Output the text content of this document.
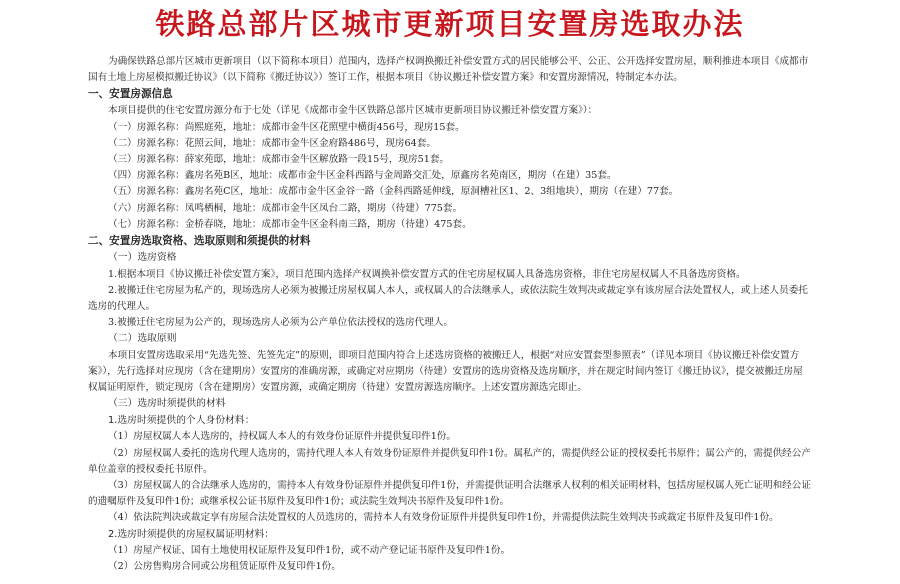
铁路总部片区城市更新项目安置房选取办法

为确保铁路总部片区城市更新项目（以下简称本项目）范围内，选择产权调换搬迁补偿安置方式的居民能够公平、公正、公开选择安置房屋，顺利推进本项目《成都市国有土地上房屋模拟搬迁协议》（以下简称《搬迁协议》）签订工作，根据本项目《协议搬迁补偿安置方案》和安置房源情况，特制定本办法。

一、安置房源信息

本项目提供的住宅安置房源分布于七处（详见《成都市金牛区铁路总部片区城市更新项目协议搬迁补偿安置方案》）：

（一）房源名称：尚熙庭苑，地址：成都市金牛区花照壁中横街456号，现房15套。

（二）房源名称：花照云间，地址：成都市金牛区金府路486号，现房64套。

（三）房源名称：薛家苑邸，地址：成都市金牛区解放路一段15号，现房51套。

（四）房源名称：鑫房名苑B区，地址：成都市金牛区金科西路与金周路交汇处，原鑫房名苑南区，期房（在建）35套。

（五）房源名称：鑫房名苑C区，地址：成都市金牛区金谷一路（金科西路延伸线，原洞槽社区1、2、3组地块），期房（在建）77套。

（六）房源名称：凤鸣栖桐，地址：成都市金牛区凤台二路，期房（待建）775套。

（七）房源名称：金桥春晓，地址：成都市金牛区金科南三路，期房（待建）475套。

二、安置房选取资格、选取原则和须提供的材料

（一）选房资格

1.根据本项目《协议搬迁补偿安置方案》，项目范围内选择产权调换补偿安置方式的住宅房屋权属人具备选房资格，非住宅房屋权属人不具备选房资格。

2.被搬迁住宅房屋为私产的，现场选房人必须为被搬迁房屋权属人本人，或权属人的合法继承人，或依法院生效判决或裁定享有该房屋合法处置权人，或上述人员委托选房的代理人。

3.被搬迁住宅房屋为公产的，现场选房人必须为公产单位依法授权的选房代理人。

（二）选取原则

本项目安置房选取采用“先选先签、先签先定”的原则，即项目范围内符合上述选房资格的被搬迁人，根据“对应安置套型参照表”（详见本项目《协议搬迁补偿安置方案》），先行选择对应现房（含在建期房）安置房的准确房源，或确定对应期房（待建）安置房的选房资格及选房顺序，并在规定时间内签订《搬迁协议》，提交被搬迁房屋权属证明原件，锁定现房（含在建期房）安置房源，或确定期房（待建）安置房源选房顺序。上述安置房源选完即止。

（三）选房时须提供的材料

1.选房时须提供的个人身份材料：

（1）房屋权属人本人选房的，持权属人本人的有效身份证原件并提供复印件1份。

（2）房屋权属人委托的选房代理人选房的，需持代理人本人有效身份证原件并提供复印件1份。属私产的，需提供经公证的授权委托书原件；属公产的，需提供经公产单位盖章的授权委托书原件。

（3）房屋权属人的合法继承人选房的，需持本人有效身份证原件并提供复印件1份，并需提供证明合法继承人权利的相关证明材料，包括房屋权属人死亡证明和经公证的遗嘱原件及复印件1份；或继承权公证书原件及复印件1份；或法院生效判决书原件及复印件1份。

（4）依法院判决或裁定享有房屋合法处置权的人员选房的，需持本人有效身份证原件并提供复印件1份，并需提供法院生效判决书或裁定书原件及复印件1份。

2.选房时须提供的房屋权属证明材料：

（1）房屋产权证、国有土地使用权证原件及复印件1份，或不动产登记证书原件及复印件1份。

（2）公房售购房合同或公房租赁证原件及复印件1份。
